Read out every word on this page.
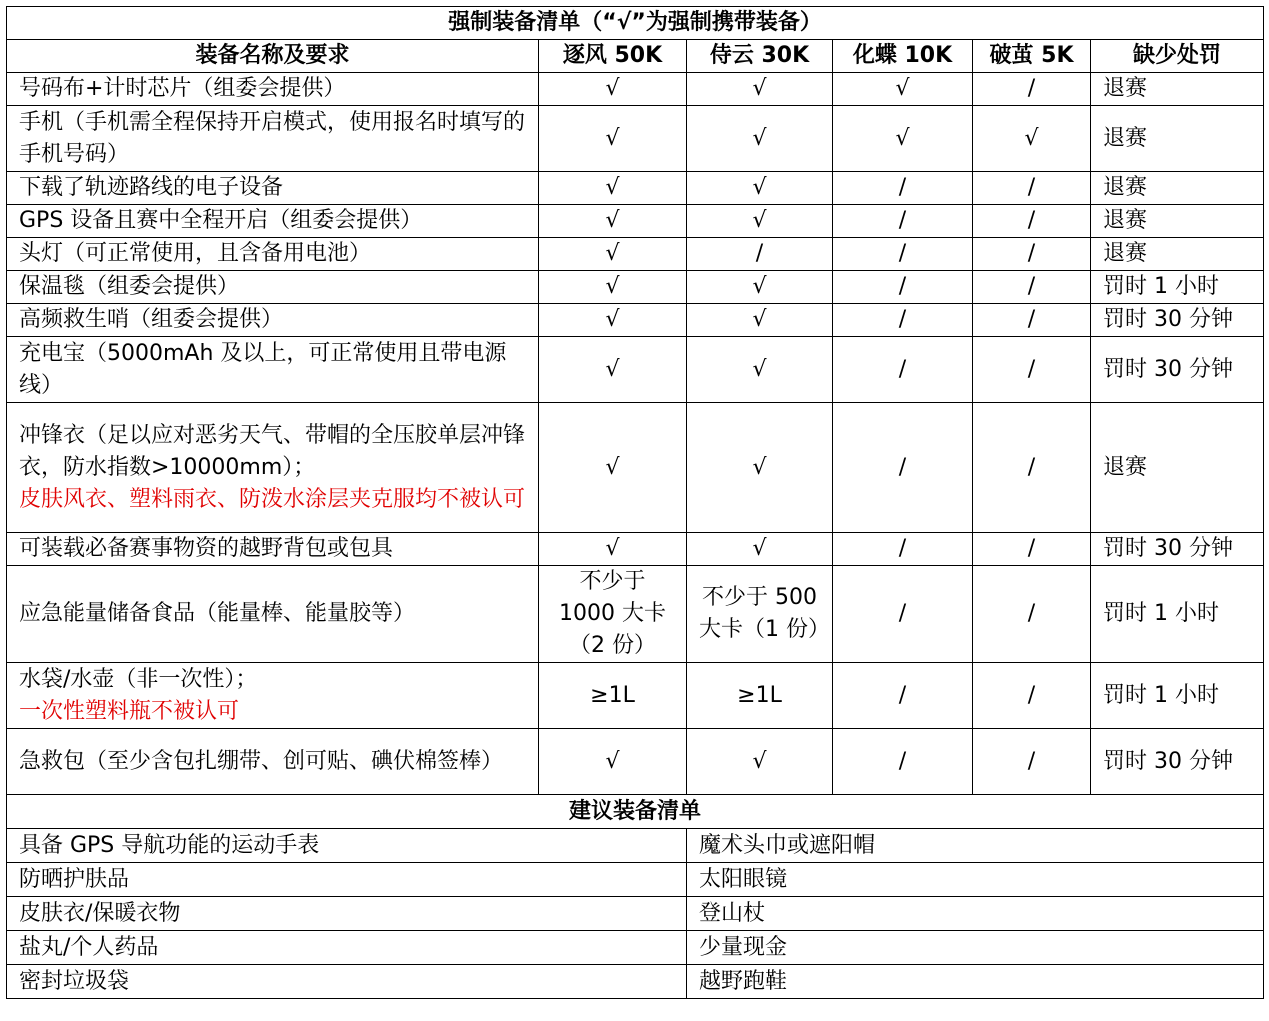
强制装备清单（“√”为强制携带装备）					
装备名称及要求	逐风 50K	侍云 30K	化蝶 10K	破茧 5K	缺少处罚

号码布+计时芯片（组委会提供）	√	√	√	/	退赛

手机（手机需全程保持开启模式，使用报名时填写的手机号码）	√	√	√	√	退赛

下载了轨迹路线的电子设备	√	√	/	/	退赛

GPS 设备且赛中全程开启（组委会提供）	√	√	/	/	退赛

头灯（可正常使用，且含备用电池）	√	/	/	/	退赛

保温毯（组委会提供）	√	√	/	/	罚时 1 小时

高频救生哨（组委会提供）	√	√	/	/	罚时 30 分钟

充电宝（5000mAh 及以上，可正常使用且带电源线）	√	√	/	/	罚时 30 分钟

冲锋衣（足以应对恶劣天气、带帽的全压胶单层冲锋衣，防水指数>10000mm）；
皮肤风衣、塑料雨衣、防泼水涂层夹克服均不被认可	√	√	/	/	退赛

可装载必备赛事物资的越野背包或包具	√	√	/	/	罚时 30 分钟

应急能量储备食品（能量棒、能量胶等）	不少于 1000 大卡（2 份）	不少于 500 大卡（1 份）	/	/	罚时 1 小时

水袋/水壶（非一次性）；
一次性塑料瓶不被认可	≥1L	≥1L	/	/	罚时 1 小时

急救包（至少含包扎绷带、创可贴、碘伏棉签棒）	√	√	/	/	罚时 30 分钟
建议装备清单					
具备 GPS 导航功能的运动手表		魔术头巾或遮阳帽			
防晒护肤品		太阳眼镜			
皮肤衣/保暖衣物		登山杖			
盐丸/个人药品		少量现金			
密封垃圾袋		越野跑鞋			
